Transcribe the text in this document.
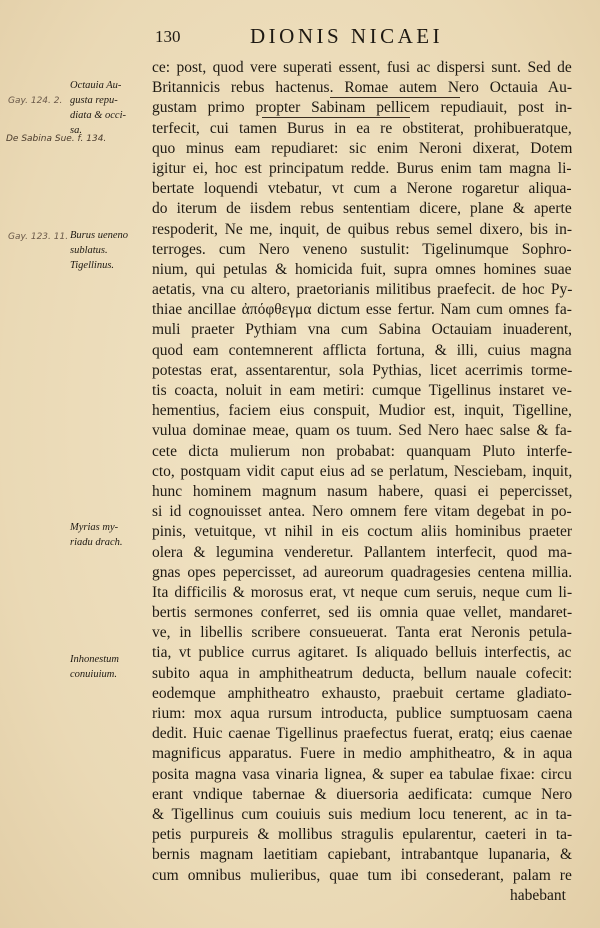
130	DIONIS NICAEI
Gay. 124. 2.
De Sabina Sue. f. 134.
Gay. 123. 11.
Octauia Au-
gusta repu-
diata & occi-
sa.
Burus ueneno
sublatus.
Tigellinus.
Myrias my-
riadu drach.
Inhonestum
conuiuium.
ce: post, quod vere superati essent, fusi ac dispersi sunt. Sed de
Britannicis rebus hactenus. Romae autem Nero Octauia Au-
gustam primo propter Sabinam pellicem repudiauit, post in-
terfecit, cui tamen Burus in ea re obstiterat, prohibueratque,
quo minus eam repudiaret: sic enim Neroni dixerat, Dotem
igitur ei, hoc est principatum redde. Burus enim tam magna li-
bertate loquendi vtebatur, vt cum a Nerone rogaretur aliqua-
do iterum de iisdem rebus sententiam dicere, plane & aperte
respoderit, Ne me, inquit, de quibus rebus semel dixero, bis in-
terroges. cum Nero veneno sustulit: Tigelinumque Sophro-
nium, qui petulas & homicida fuit, supra omnes homines suae
aetatis, vna cu altero, praetorianis militibus praefecit. de hoc Py-
thiae ancillae ἀπόφθεγμα dictum esse fertur. Nam cum omnes fa-
muli praeter Pythiam vna cum Sabina Octauiam inuaderent,
quod eam contemnerent afflicta fortuna, & illi, cuius magna
potestas erat, assentarentur, sola Pythias, licet acerrimis torme-
tis coacta, noluit in eam metiri: cumque Tigellinus instaret ve-
hementius, faciem eius conspuit, Mudior est, inquit, Tigelline,
vulua dominae meae, quam os tuum. Sed Nero haec salse & fa-
cete dicta mulierum non probabat: quanquam Pluto interfe-
cto, postquam vidit caput eius ad se perlatum, Nesciebam, inquit,
hunc hominem magnum nasum habere, quasi ei pepercisset,
si id cognouisset antea. Nero omnem fere vitam degebat in po-
pinis, vetuitque, vt nihil in eis coctum aliis hominibus praeter
olera & legumina venderetur. Pallantem interfecit, quod ma-
gnas opes pepercisset, ad aureorum quadragesies centena millia.
Ita difficilis & morosus erat, vt neque cum seruis, neque cum li-
bertis sermones conferret, sed iis omnia quae vellet, mandaret-
ve, in libellis scribere consueuerat. Tanta erat Neronis petula-
tia, vt publice currus agitaret. Is aliquado belluis interfectis, ac
subito aqua in amphitheatrum deducta, bellum nauale cofecit:
eodemque amphitheatro exhausto, praebuit certame gladiato-
rium: mox aqua rursum introducta, publice sumptuosam caena
dedit. Huic caenae Tigellinus praefectus fuerat, eratq; eius caenae
magnificus apparatus. Fuere in medio amphitheatro, & in aqua
posita magna vasa vinaria lignea, & super ea tabulae fixae: circu
erant vndique tabernae & diuersoria aedificata: cumque Nero
& Tigellinus cum couiuis suis medium locu tenerent, ac in ta-
petis purpureis & mollibus stragulis epularentur, caeteri in ta-
bernis magnam laetitiam capiebant, intrabantque lupanaria, &
cum omnibus mulieribus, quae tum ibi consederant, palam re
habebant
